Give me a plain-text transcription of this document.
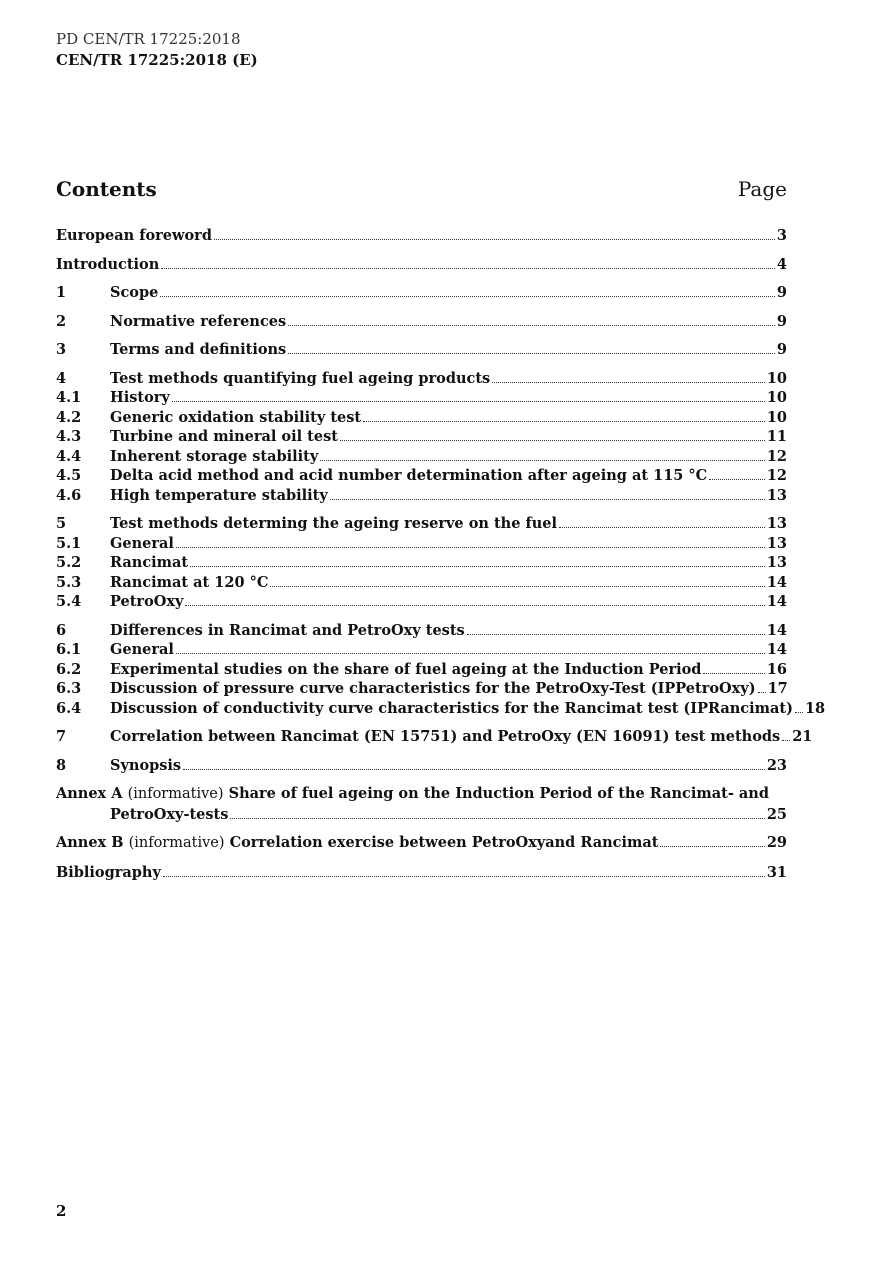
PD CEN/TR 17225:2018
CEN/TR 17225:2018 (E)
Contents	Page
European foreword	3
Introduction	4
1	Scope	9
2	Normative references	9
3	Terms and definitions	9
4	Test methods quantifying fuel ageing products	10
4.1	History	10
4.2	Generic oxidation stability test	10
4.3	Turbine and mineral oil test	11
4.4	Inherent storage stability	12
4.5	Delta acid method and acid number determination after ageing at 115 °C	12
4.6	High temperature stability	13
5	Test methods determing the ageing reserve on the fuel	13
5.1	General	13
5.2	Rancimat	13
5.3	Rancimat at 120 °C	14
5.4	PetroOxy	14
6	Differences in Rancimat and PetroOxy tests	14
6.1	General	14
6.2	Experimental studies on the share of fuel ageing at the Induction Period	16
6.3	Discussion of pressure curve characteristics for the PetroOxy-Test (IPPetroOxy) 17
6.4	Discussion of conductivity curve characteristics for the Rancimat test (IPRancimat) 18
7	Correlation between Rancimat (EN 15751) and PetroOxy (EN 16091) test methods 21
8	Synopsis	23
Annex A (informative) Share of fuel ageing on the Induction Period of the Rancimat- and
PetroOxy-tests	25
Annex B (informative) Correlation exercise between PetroOxyand Rancimat	29
Bibliography	31
2
